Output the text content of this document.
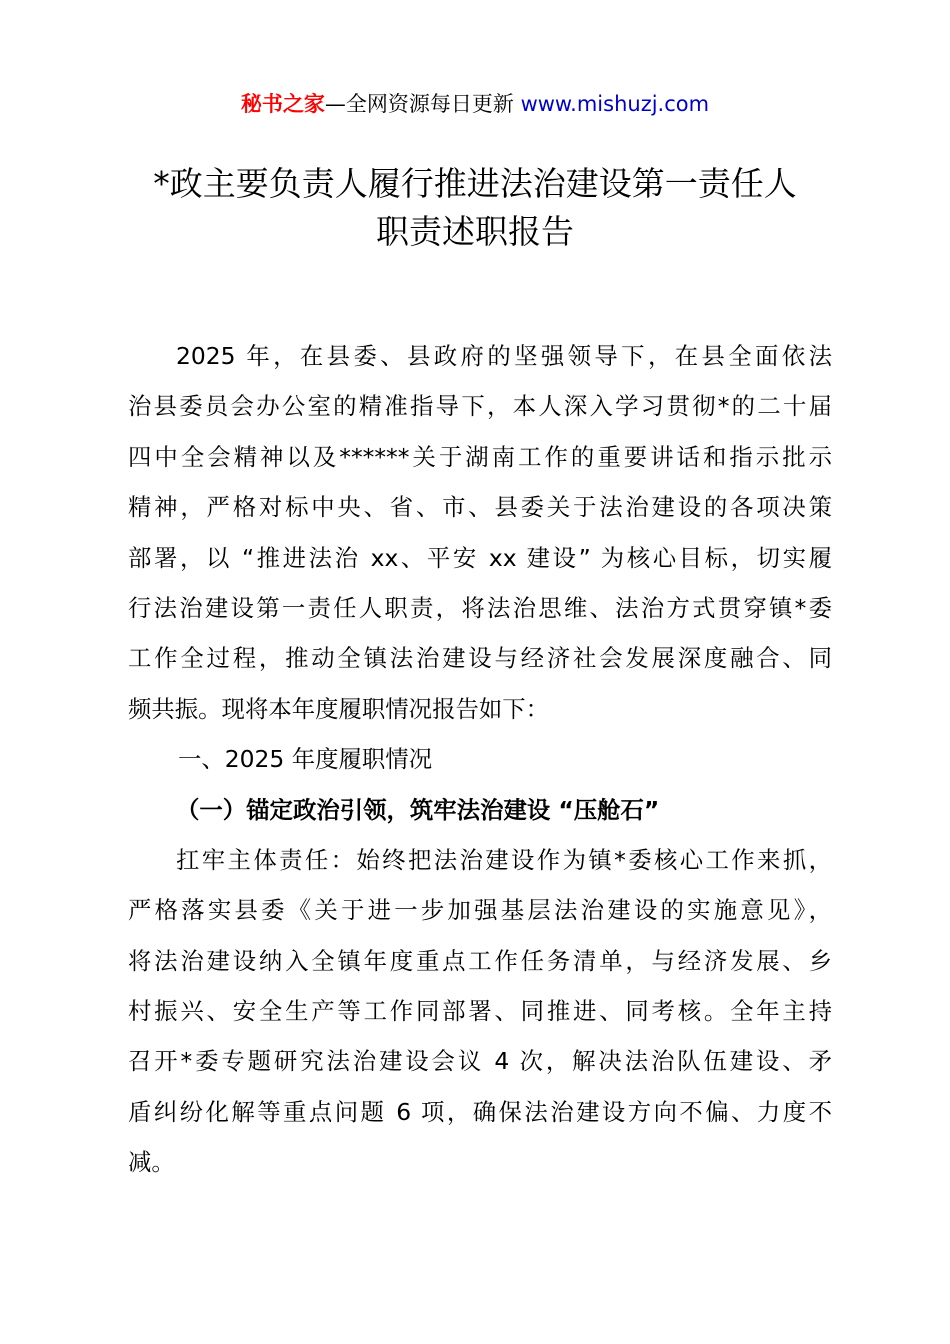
秘书之家—全网资源每日更新 www.mishuzj.com
*政主要负责人履行推进法治建设第一责任人
职责述职报告
2025 年，在县委、县政府的坚强领导下，在县全面依法
治县委员会办公室的精准指导下，本人深入学习贯彻*的二十届
四中全会精神以及******关于湖南工作的重要讲话和指示批示
精神，严格对标中央、省、市、县委关于法治建设的各项决策
部署，以 “推进法治 xx、平安 xx 建设” 为核心目标，切实履
行法治建设第一责任人职责，将法治思维、法治方式贯穿镇*委
工作全过程，推动全镇法治建设与经济社会发展深度融合、同
频共振。现将本年度履职情况报告如下：
一、2025 年度履职情况
（一）锚定政治引领，筑牢法治建设 “压舱石”
扛牢主体责任：始终把法治建设作为镇*委核心工作来抓，
严格落实县委《关于进一步加强基层法治建设的实施意见》，
将法治建设纳入全镇年度重点工作任务清单，与经济发展、乡
村振兴、安全生产等工作同部署、同推进、同考核。全年主持
召开*委专题研究法治建设会议 4 次，解决法治队伍建设、矛
盾纠纷化解等重点问题 6 项，确保法治建设方向不偏、力度不
减。
